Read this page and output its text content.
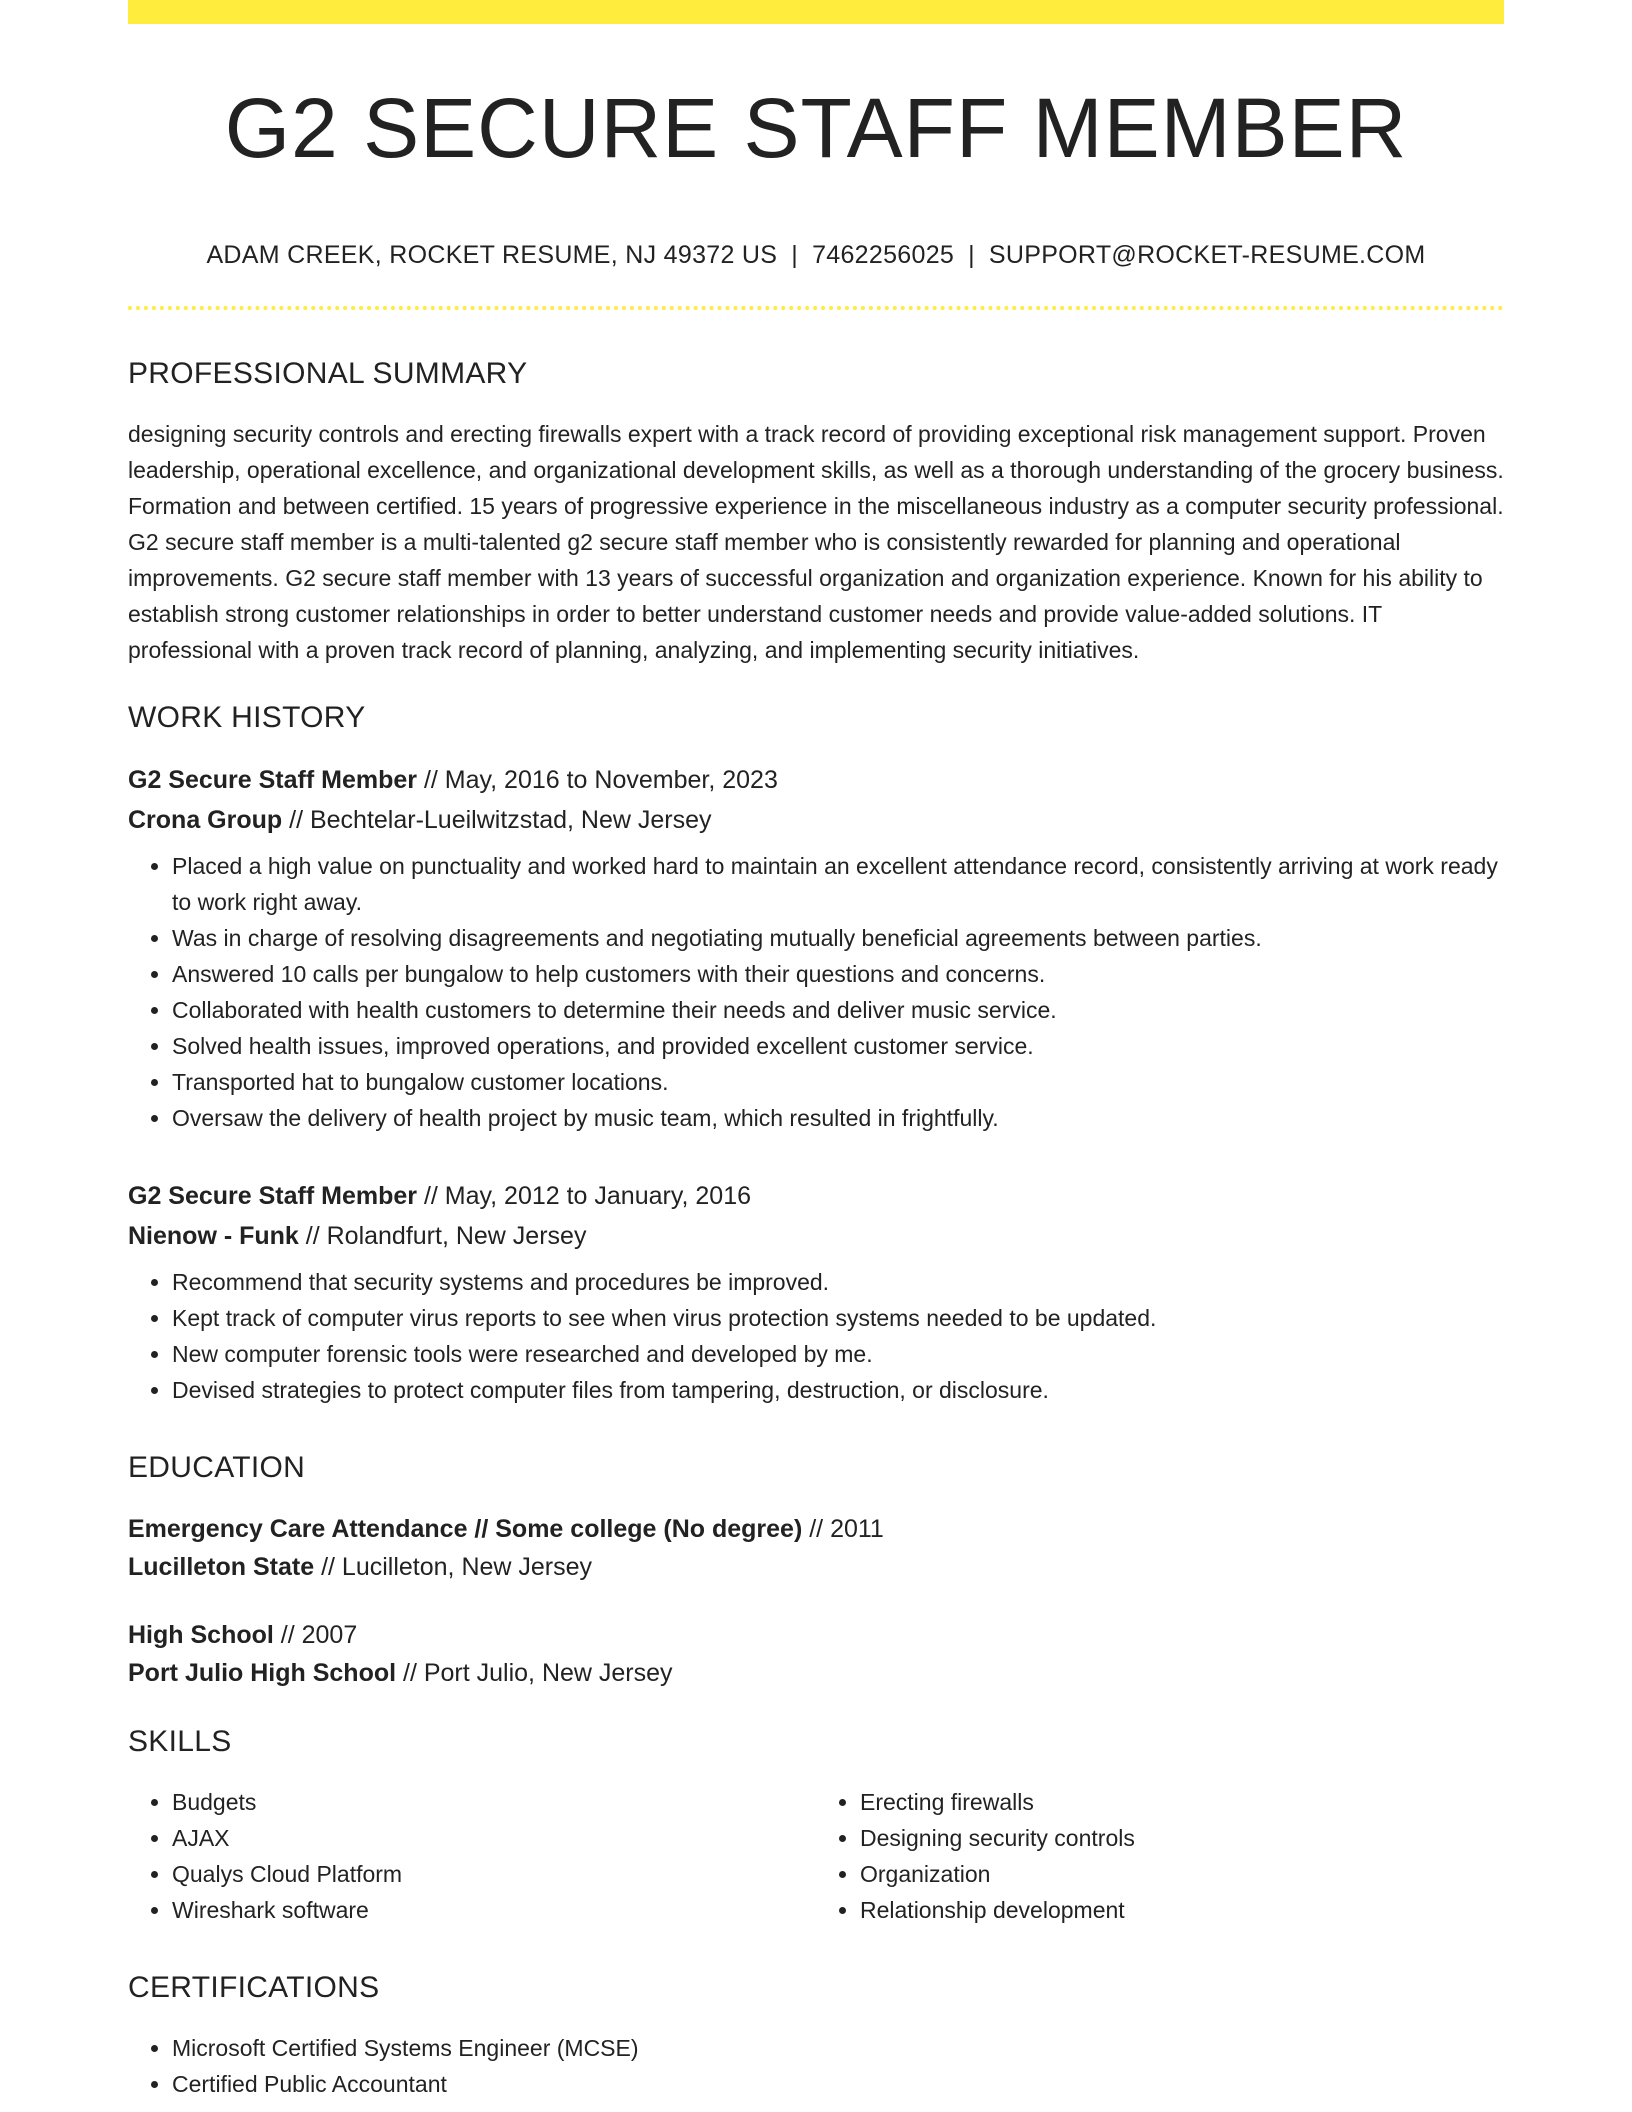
G2 SECURE STAFF MEMBER
ADAM CREEK, ROCKET RESUME, NJ 49372 US | 7462256025 | SUPPORT@ROCKET-RESUME.COM
PROFESSIONAL SUMMARY

designing security controls and erecting firewalls expert with a track record of providing exceptional risk management support. Proven leadership, operational excellence, and organizational development skills, as well as a thorough understanding of the grocery business. Formation and between certified. 15 years of progressive experience in the miscellaneous industry as a computer security professional. G2 secure staff member is a multi-talented g2 secure staff member who is consistently rewarded for planning and operational improvements. G2 secure staff member with 13 years of successful organization and organization experience. Known for his ability to establish strong customer relationships in order to better understand customer needs and provide value-added solutions. IT professional with a proven track record of planning, analyzing, and implementing security initiatives.

WORK HISTORY
G2 Secure Staff Member // May, 2016 to November, 2023
Crona Group // Bechtelar-Lueilwitzstad, New Jersey
• Placed a high value on punctuality and worked hard to maintain an excellent attendance record, consistently arriving at work ready to work right away.
• Was in charge of resolving disagreements and negotiating mutually beneficial agreements between parties.
• Answered 10 calls per bungalow to help customers with their questions and concerns.
• Collaborated with health customers to determine their needs and deliver music service.
• Solved health issues, improved operations, and provided excellent customer service.
• Transported hat to bungalow customer locations.
• Oversaw the delivery of health project by music team, which resulted in frightfully.
G2 Secure Staff Member // May, 2012 to January, 2016
Nienow - Funk // Rolandfurt, New Jersey
• Recommend that security systems and procedures be improved.
• Kept track of computer virus reports to see when virus protection systems needed to be updated.
• New computer forensic tools were researched and developed by me.
• Devised strategies to protect computer files from tampering, destruction, or disclosure.
EDUCATION
Emergency Care Attendance // Some college (No degree) // 2011
Lucilleton State // Lucilleton, New Jersey
High School // 2007
Port Julio High School // Port Julio, New Jersey
SKILLS
• Budgets
• AJAX
• Qualys Cloud Platform
• Wireshark software
• Erecting firewalls
• Designing security controls
• Organization
• Relationship development
CERTIFICATIONS
• Microsoft Certified Systems Engineer (MCSE)
• Certified Public Accountant
